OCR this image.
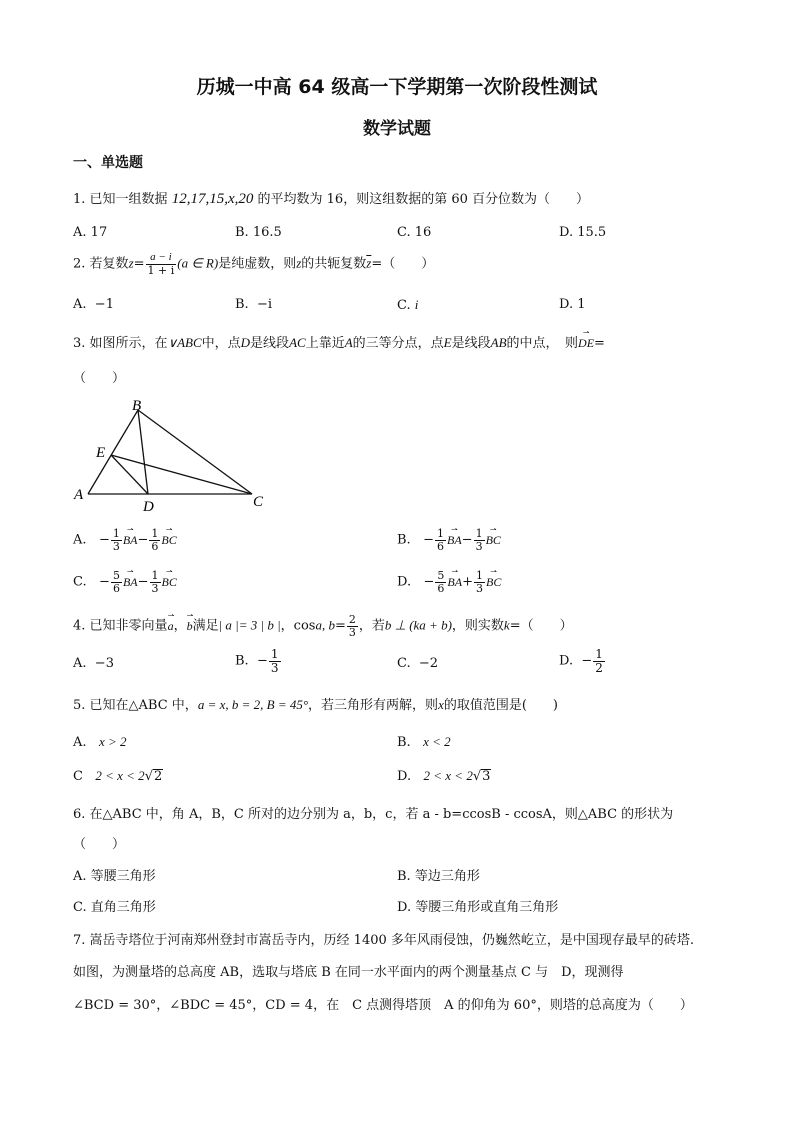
历城一中高 64 级高一下学期第一次阶段性测试
数学试题
一、单选题
1. 已知一组数据 12,17,15,x,20 的平均数为 16，则这组数据的第 60 百分位数为（　　）
A. 17	B. 16.5	C. 16	D. 15.5
2. 若复数$z= \frac{a - i}{1 + i} (a$ ∈ R)是纯虚数，则z的共轭复数$\overline{z}=$（　　）
A. −1	B. −i	C. i	D. 1
3. 如图所示，在∨ABC中，点D是线段AC上靠近A的三等分点，点E是线段AB的中点，　则
⇀
DE=
（　　）
A
B
C
D
E
A. − $\frac{1}{3}$ ⇀
$BA- \frac{1}{6}$ ⇀
BC	B. − $\frac{1}{6}$ ⇀
$BA- \frac{1}{3}$ ⇀
BC
C. − $\frac{5}{6}$ ⇀
$BA- \frac{1}{3}$ ⇀
BC	D. − $\frac{5}{6}$ ⇀
$BA+ \frac{1}{3}$ ⇀
BC
4. 已知非零向量
⇀
a，
⇀
b满足| a |= 3 | b |，cosa, $b= \frac{2}{3}$ ，若b ⊥ (ka + b)，则实数k=（　　）
A. −3	B. − $\frac{1}{3}$	C. −2	D. − $\frac{1}{2}$
5. 已知在△ABC 中，a = x, b = 2, B = 45°，若三角形有两解，则x的取值范围是(　　)
A. x > 2	B. x < 2
C 2 < x < 2√2	D. 2 < x < 2√3
6. 在△ABC 中，角 A，B，C 所对的边分别为 a，b，c，若 a - b=ccosB - ccosA，则△ABC 的形状为
（　　）
A. 等腰三角形	B. 等边三角形
C. 直角三角形	D. 等腰三角形或直角三角形
7. 嵩岳寺塔位于河南郑州登封市嵩岳寺内，历经 1400 多年风雨侵蚀，仍巍然屹立，是中国现存最早的砖塔.
如图，为测量塔的总高度 AB，选取与塔底 B 在同一水平面内的两个测量基点 C 与　D，现测得
∠BCD = 30°，∠BDC = 45°，CD = 4，在　C 点测得塔顶　A 的仰角为 60°，则塔的总高度为（　　）
